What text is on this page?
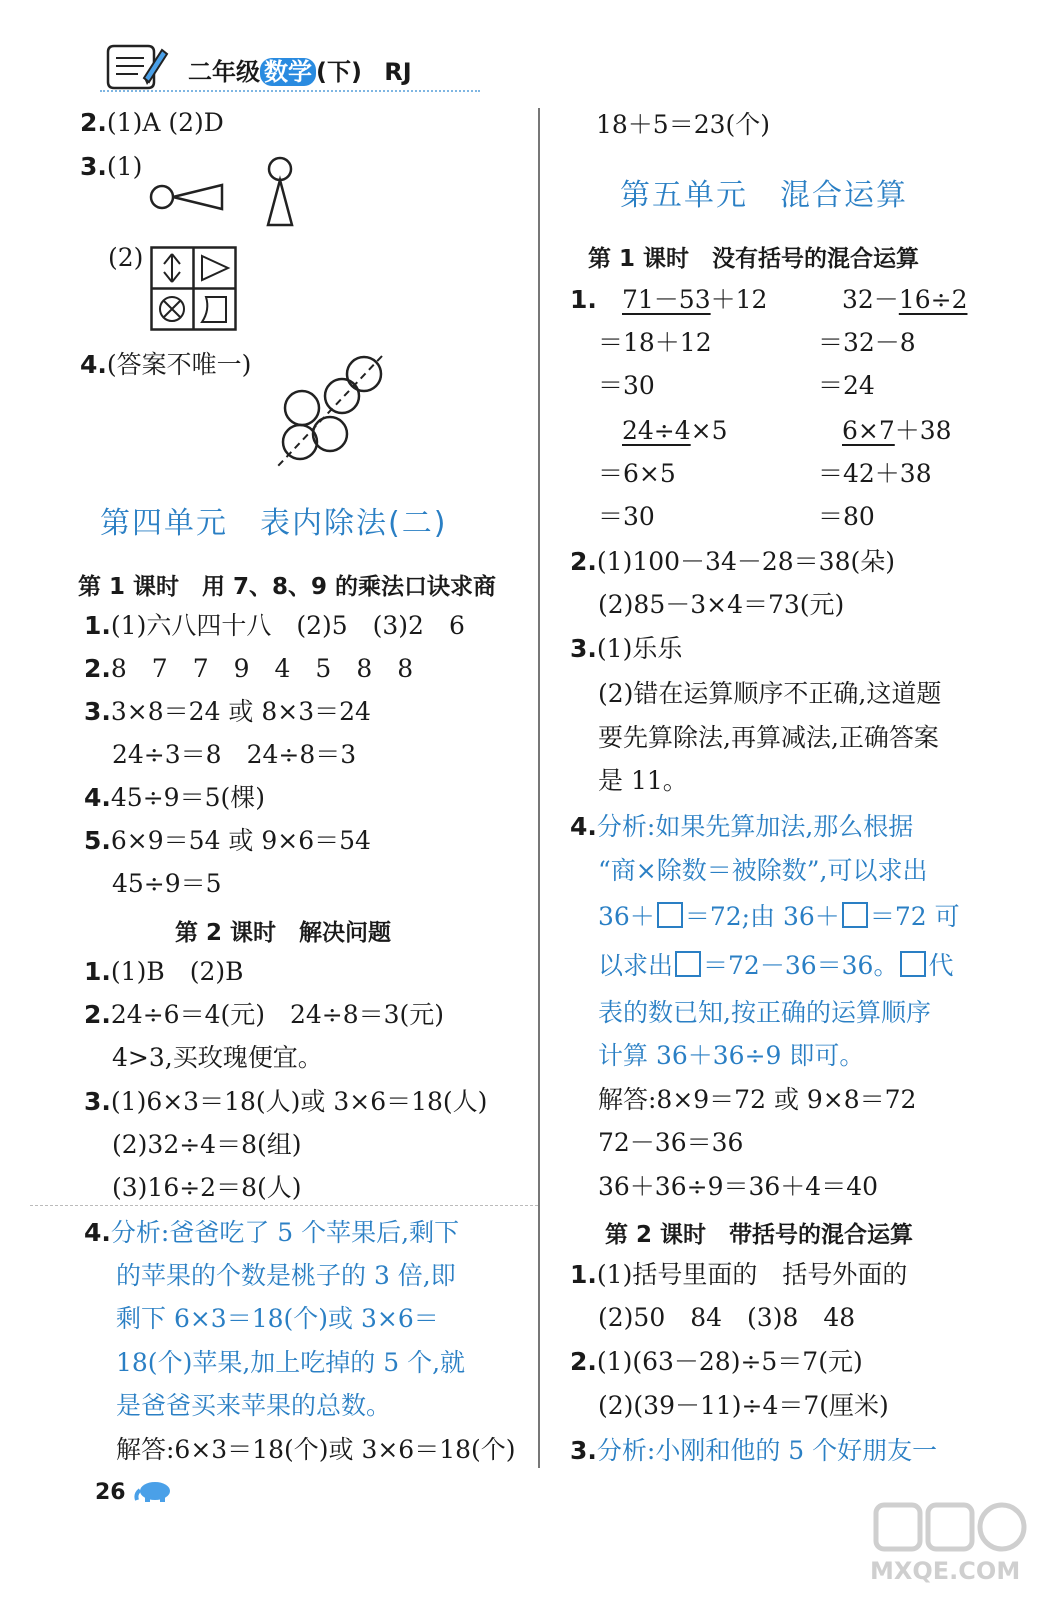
二年级 数学 (下) RJ
2.(1)A (2)D
3.(1)
(2)
4.(答案不唯一)
第四单元　表内除法(二)
第 1 课时　用 7、8、9 的乘法口诀求商
1.(1)六八四十八　(2)5　(3)2　6
2.8　7　7　9　4　5　8　8
3.3×8＝24 或 8×3＝24
24÷3＝8　24÷8＝3
4.45÷9＝5(棵)
5.6×9＝54 或 9×6＝54
45÷9＝5
第 2 课时　解决问题
1.(1)B　(2)B
2.24÷6＝4(元)　24÷8＝3(元)
4>3,买玫瑰便宜。
3.(1)6×3＝18(人)或 3×6＝18(人)
(2)32÷4＝8(组)
(3)16÷2＝8(人)
4.分析:爸爸吃了 5 个苹果后,剩下
的苹果的个数是桃子的 3 倍,即
剩下 6×3＝18(个)或 3×6＝
18(个)苹果,加上吃掉的 5 个,就
是爸爸买来苹果的总数。
解答:6×3＝18(个)或 3×6＝18(个)
26
18＋5＝23(个)
第五单元　混合运算
第 1 课时　没有括号的混合运算
1. 71－53＋12
＝18＋12
＝30
32－16÷2
＝32－8
＝24
24÷4×5
＝6×5
＝30
6×7＋38
＝42＋38
＝80
2.(1)100－34－28＝38(朵)
(2)85－3×4＝73(元)
3.(1)乐乐
(2)错在运算顺序不正确,这道题
要先算除法,再算减法,正确答案
是 11。
4.分析:如果先算加法,那么根据
“商×除数＝被除数”,可以求出
36＋ ＝72;由 36＋ ＝72 可
以求出 ＝72－36＝36。 代
表的数已知,按正确的运算顺序
计算 36＋36÷9 即可。
解答:8×9＝72 或 9×8＝72
72－36＝36
36＋36÷9＝36＋4＝40
第 2 课时　带括号的混合运算
1.(1)括号里面的　括号外面的
(2)50　84　(3)8　48
2.(1)(63－28)÷5＝7(元)
(2)(39－11)÷4＝7(厘米)
3.分析:小刚和他的 5 个好朋友一
MXQE.COM
